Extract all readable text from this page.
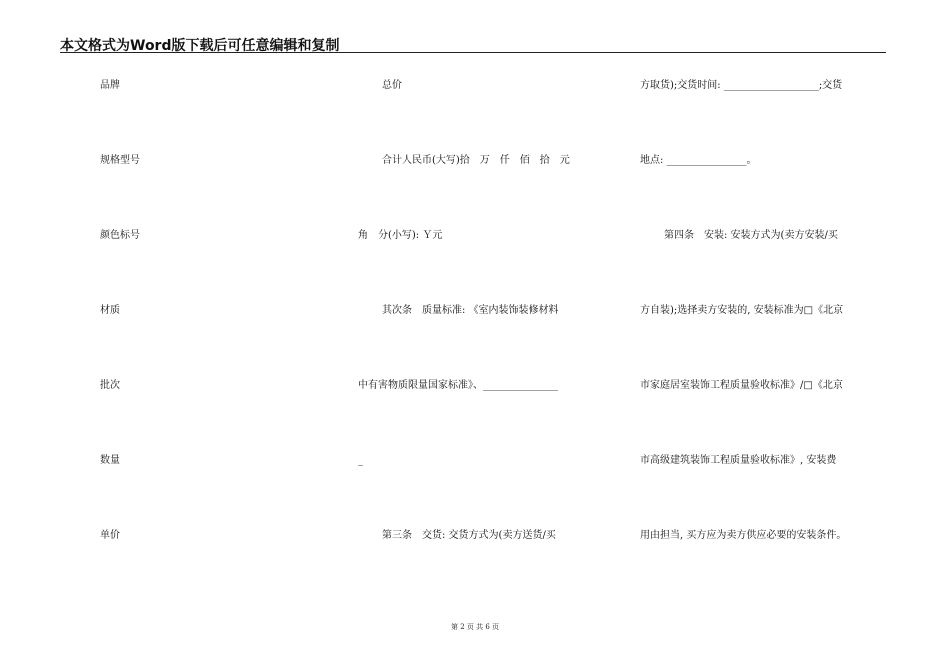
本文格式为Word版下载后可任意编辑和复制
品牌
规格型号
颜色标号
材质
批次
数量
单价
总价
合计人民币(大写)拾　万　仟　佰　拾　元
角　分(小写): Ｙ元
其次条　质量标准: 《室内装饰装修材料
中有害物质限量国家标准》、_______________
_
第三条　交货: 交货方式为(卖方送货/买
方取货);交货时间: ___________________;交货
地点: ________________。
第四条　安装: 安装方式为(卖方安装/买
方自装);选择卖方安装的, 安装标准为□《北京
市家庭居室装饰工程质量验收标准》/□《北京
市高级建筑装饰工程质量验收标准》, 安装费
用由担当, 买方应为卖方供应必要的安装条件。
第 2 页 共 6 页
